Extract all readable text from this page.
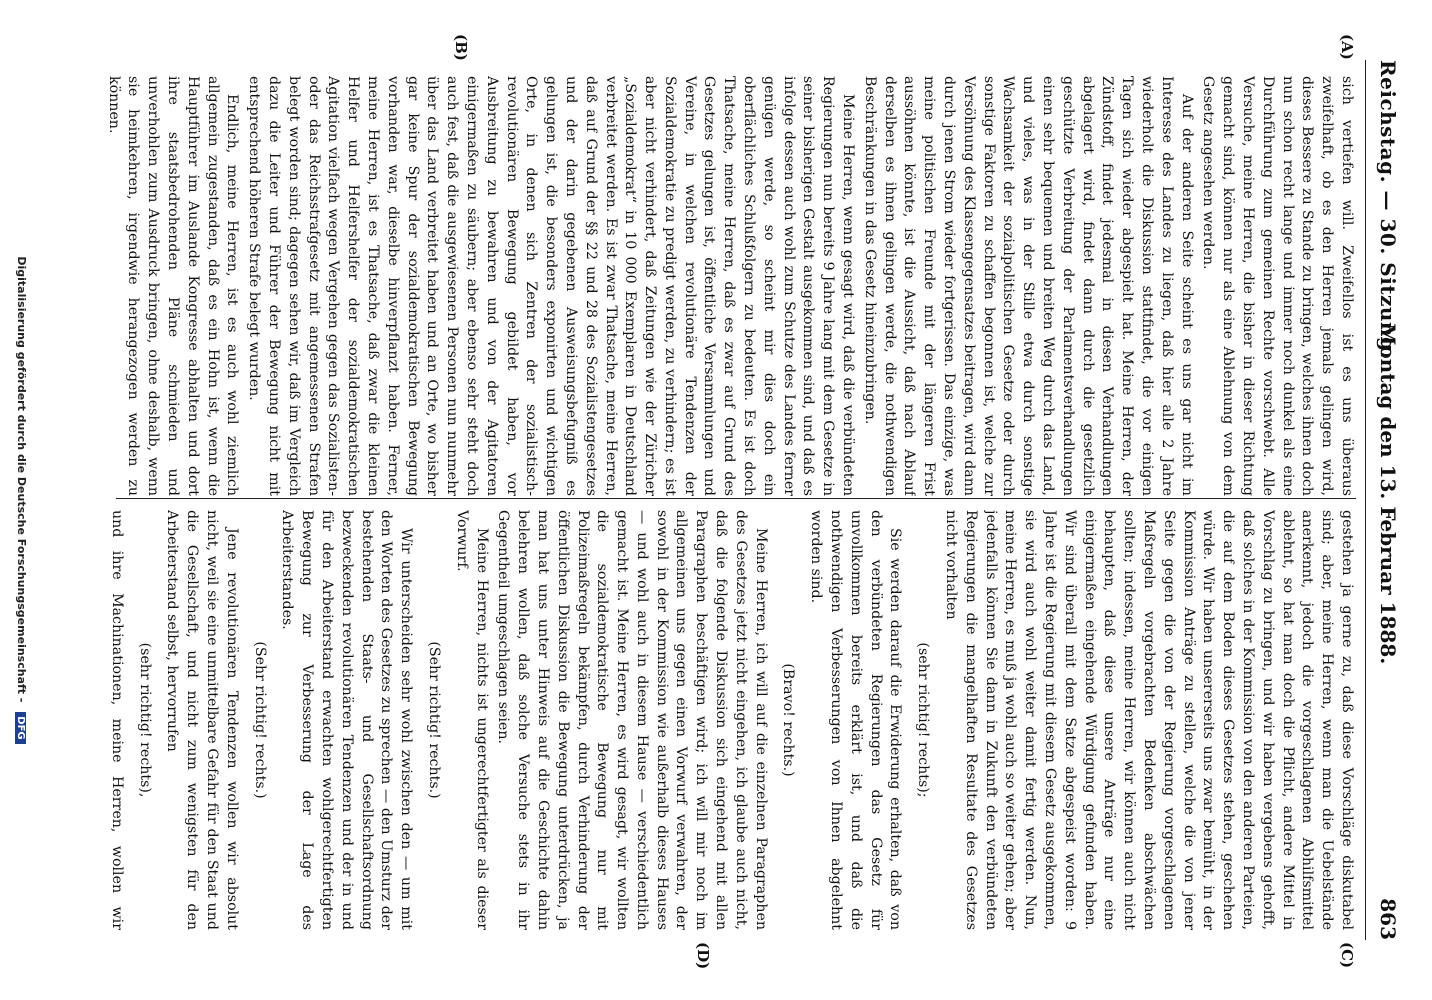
Reichstag. — 30. Sitzung.
Montag den 13. Februar 1888.  863
(A)
(B)
(C)
(D)

sich vertiefen will. Zweifellos ist es uns überaus zweifelhaft, ob es den Herren jemals gelingen wird, dieses Bessere zu Stande zu bringen, welches ihnen doch nun schon recht lange und immer noch dunkel als eine Durchführung zum gemeinen Rechte vorschwebt. Alle Versuche, meine Herren, die bisher in dieser Richtung gemacht sind, können nur als eine Ablehnung von dem Gesetz angesehen werden.

Auf der anderen Seite scheint es uns gar nicht im Interesse des Landes zu liegen, daß hier alle 2 Jahre wiederholt die Diskussion stattfindet, die vor einigen Tagen sich wieder abgespielt hat. Meine Herren, der Zündstoff, findet jedesmal in diesen Verhandlungen abgelagert wird, findet dann durch die gesetzlich geschützte Verbreitung der Parlamentsverhandlungen einen sehr bequemen und breiten Weg durch das Land, und vieles, was in der Stille etwa durch sonstige Wachsamkeit der sozialpolitischen Gesetze oder durch sonstige Faktoren zu schaffen begonnen ist, welche zur Versöhnung des Klassengegensatzes beitragen, wird dann durch jenen Strom wieder fortgerissen. Das einzige, was meine politischen Freunde mit der längeren Frist aussöhnen könnte, ist die Aussicht, daß nach Ablauf derselben es ihnen gelingen werde, die nothwendigen Beschränkungen in das Gesetz hineinzubringen.

Meine Herren, wenn gesagt wird, daß die verbündeten Regierungen nun bereits 9 Jahre lang mit dem Gesetze in seiner bisherigen Gestalt ausgekommen sind, und daß es infolge dessen auch wohl zum Schutze des Landes ferner genügen werde, so scheint mir dies doch ein oberflächliches Schlußfolgern zu bedeuten. Es ist doch Thatsache, meine Herren, daß es zwar auf Grund des Gesetzes gelungen ist, öffentliche Versammlungen und Vereine, in welchen revolutionäre Tendenzen der Sozialdemokratie zu predigt werden, zu verhindern; es ist aber nicht verhindert, daß Zeitungen wie der Züricher „Sozialdemokrat“ in 10 000 Exemplaren in Deutschland verbreitet werden. Es ist zwar Thatsache, meine Herren, daß auf Grund der §§ 22 und 28 des Sozialistengesetzes und der darin gegebenen Ausweisungsbefugniß es gelungen ist, die besonders exponirten und wichtigen Orte, in denen sich Zentren der sozialistisch-revolutionären Bewegung gebildet haben, vor Ausbreitung zu bewahren und von der Agitatoren einigermaßen zu säubern; aber ebenso sehr steht doch auch fest, daß die ausgewiesenen Personen nun nunmehr über das Land verbreitet haben und an Orte, wo bisher gar keine Spur der sozialdemokratischen Bewegung vorhanden war, dieselbe hinverpflanzt haben. Ferner, meine Herren, ist es Thatsache, daß zwar die kleinen Helfer und Helfershelfer der sozialdemokratischen Agitation vielfach wegen Vergehen gegen das Sozialisten- oder das Reichsstrafgesetz mit angemessenen Strafen belegt worden sind; dagegen sehen wir, daß im Vergleich dazu die Leiter und Führer der Bewegung nicht mit entsprechend höheren Strafe belegt wurden.

Endlich, meine Herren, ist es auch wohl ziemlich allgemein zugestanden, daß es ein Hohn ist, wenn die Hauptführer im Auslande Kongresse abhalten und dort ihre staatsbedrohenden Pläne schmieden und unverhohlen zum Ausdruck bringen, ohne deshalb, wenn sie heimkehren, irgendwie herangezogen werden zu können.

gestehen ja gerne zu, daß diese Vorschläge diskutabel sind; aber, meine Herren, wenn man die Uebelstände anerkennt, jedoch die vorgeschlagenen Abhilfsmittel ablehnt, so hat man doch die Pflicht, andere Mittel in Vorschlag zu bringen, und wir haben vergebens gehofft, daß solches in der Kommission von den anderen Parteien, die auf dem Boden dieses Gesetzes stehen, geschehen würde. Wir haben unsererseits uns zwar bemüht, in der Kommission Anträge zu stellen, welche die von jener Seite gegen die von der Regierung vorgeschlagenen Maßregeln vorgebrachten Bedenken abschwächen sollten; indessen, meine Herren, wir können auch nicht behaupten, daß diese unsere Anträge nur eine einigermaßen eingehende Würdigung gefunden haben. Wir sind überall mit dem Satze abgespeist worden: 9 Jahre ist die Regierung mit diesem Gesetz ausgekommen, sie wird auch wohl weiter damit fertig werden. Nun, meine Herren, es muß ja wohl auch so weiter gehen; aber jedenfalls können Sie dann in Zukunft den verbündeten Regierungen die mangelhaften Resultate des Gesetzes nicht vorhalten

(sehr richtig! rechts);

Sie werden darauf die Erwiderung erhalten, daß von den verbündeten Regierungen das Gesetz für unvollkommen bereits erklärt ist, und daß die nothwendigen Verbesserungen von Ihnen abgelehnt worden sind.

(Bravo! rechts.)

Meine Herren, ich will auf die einzelnen Paragraphen des Gesetzes jetzt nicht eingehen, ich glaube auch nicht, daß die folgende Diskussion sich eingehend mit allen Paragraphen beschäftigen wird; ich will mir noch im allgemeinen uns gegen einen Vorwurf verwahren, der sowohl in der Kommission wie außerhalb dieses Hauses — und wohl auch in diesem Hause — verschiedentlich gemacht ist. Meine Herren, es wird gesagt, wir wollten die sozialdemokratische Bewegung nur mit Polizeimaßregeln bekämpfen, durch Verhinderung der öffentlichen Diskussion die Bewegung unterdrücken, ja man hat uns unter Hinweis auf die Geschichte dahin belehren wollen, daß solche Versuche stets in ihr Gegentheil umgeschlagen seien.

Meine Herren, nichts ist ungerechtfertigter als dieser Vorwurf.

(Sehr richtig! rechts.)

Wir unterscheiden sehr wohl zwischen den — um mit den Worten des Gesetzes zu sprechen — den Umsturz der bestehenden Staats- und Gesellschaftsordnung bezweckenden revolutionären Tendenzen und der in und für den Arbeiterstand erwachten wohlgerechtfertigten Bewegung zur Verbesserung der Lage des Arbeiterstandes.

(Sehr richtig! rechts.)

Jene revolutionären Tendenzen wollen wir absolut nicht, weil sie eine unmittelbare Gefahr für den Staat und die Gesellschaft, und nicht zum wenigsten für den Arbeiterstand selbst, hervorrufen

(sehr richtig! rechts),

und ihre Machinationen, meine Herren, wollen wir

Digitalisierung gefördert durch die Deutsche Forschungsgemeinschaft - DFG
